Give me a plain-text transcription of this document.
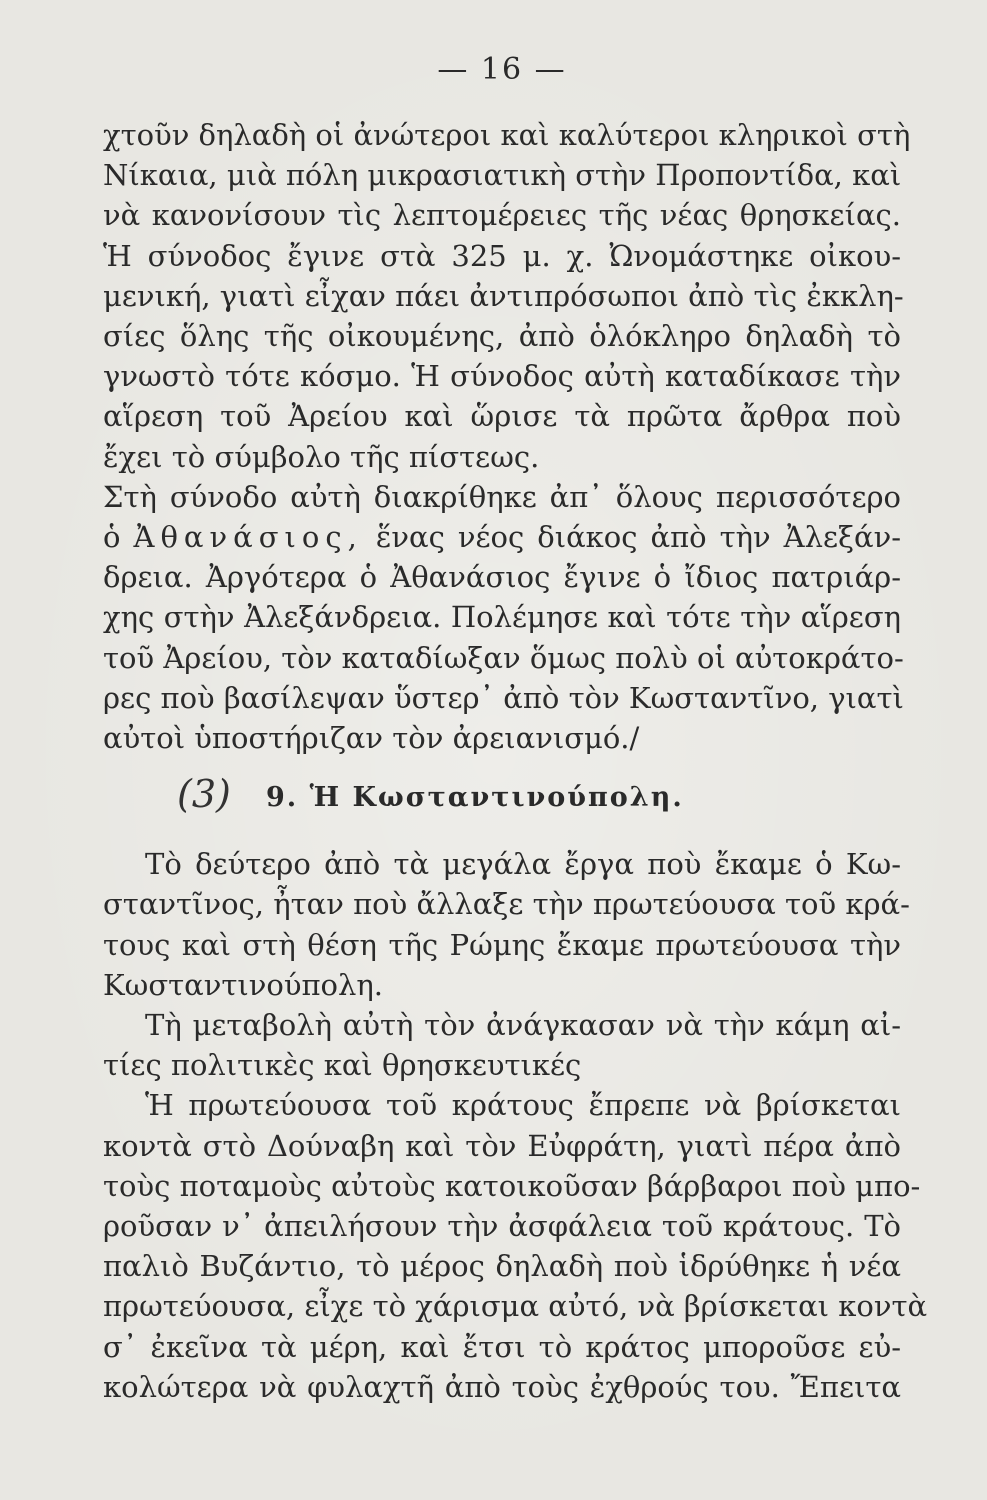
— 16 —
χτοῦν δηλαδὴ οἱ ἀνώτεροι καὶ καλύτεροι κληρικοὶ στὴ
Νίκαια, μιὰ πόλη μικρασιατικὴ στὴν Προποντίδα, καὶ
νὰ κανονίσουν τὶς λεπτομέρειες τῆς νέας θρησκείας.
Ἡ σύνοδος ἔγινε στὰ 325 μ. χ. Ὠνομάστηκε οἰκου-
μενική, γιατὶ εἶχαν πάει ἀντιπρόσωποι ἀπὸ τὶς ἐκκλη-
σίες ὅλης τῆς οἰκουμένης, ἀπὸ ὁλόκληρο δηλαδὴ τὸ
γνωστὸ τότε κόσμο. Ἡ σύνοδος αὐτὴ καταδίκασε τὴν
αἵρεση τοῦ Ἀρείου καὶ ὥρισε τὰ πρῶτα ἄρθρα ποὺ
ἔχει τὸ σύμβολο τῆς πίστεως.
Στὴ σύνοδο αὐτὴ διακρίθηκε ἀπ᾽ ὅλους περισσότερο
ὁ Ἀθανάσιος, ἕνας νέος διάκος ἀπὸ τὴν Ἀλεξάν-
δρεια. Ἀργότερα ὁ Ἀθανάσιος ἔγινε ὁ ἴδιος πατριάρ-
χης στὴν Ἀλεξάνδρεια. Πολέμησε καὶ τότε τὴν αἵρεση
τοῦ Ἀρείου, τὸν καταδίωξαν ὅμως πολὺ οἱ αὐτοκράτο-
ρες ποὺ βασίλεψαν ὕστερ᾽ ἀπὸ τὸν Κωσταντῖνο, γιατὶ
αὐτοὶ ὑποστήριζαν τὸν ἀρειανισμό./
(3) 9. Ἡ Κωσταντινούπολη.
Τὸ δεύτερο ἀπὸ τὰ μεγάλα ἔργα ποὺ ἔκαμε ὁ Κω-
σταντῖνος, ἦταν ποὺ ἄλλαξε τὴν πρωτεύουσα τοῦ κρά-
τους καὶ στὴ θέση τῆς Ρώμης ἔκαμε πρωτεύουσα τὴν
Κωσταντινούπολη.
Τὴ μεταβολὴ αὐτὴ τὸν ἀνάγκασαν νὰ τὴν κάμη αἰ-
τίες πολιτικὲς καὶ θρησκευτικές
Ἡ πρωτεύουσα τοῦ κράτους ἔπρεπε νὰ βρίσκεται
κοντὰ στὸ Δούναβη καὶ τὸν Εὐφράτη, γιατὶ πέρα ἀπὸ
τοὺς ποταμοὺς αὐτοὺς κατοικοῦσαν βάρβαροι ποὺ μπο-
ροῦσαν ν᾽ ἀπειλήσουν τὴν ἀσφάλεια τοῦ κράτους. Τὸ
παλιὸ Βυζάντιο, τὸ μέρος δηλαδὴ ποὺ ἱδρύθηκε ἡ νέα
πρωτεύουσα, εἶχε τὸ χάρισμα αὐτό, νὰ βρίσκεται κοντὰ
σ᾽ ἐκεῖνα τὰ μέρη, καὶ ἔτσι τὸ κράτος μποροῦσε εὐ-
κολώτερα νὰ φυλαχτῆ ἀπὸ τοὺς ἐχθρούς του. Ἔπειτα
